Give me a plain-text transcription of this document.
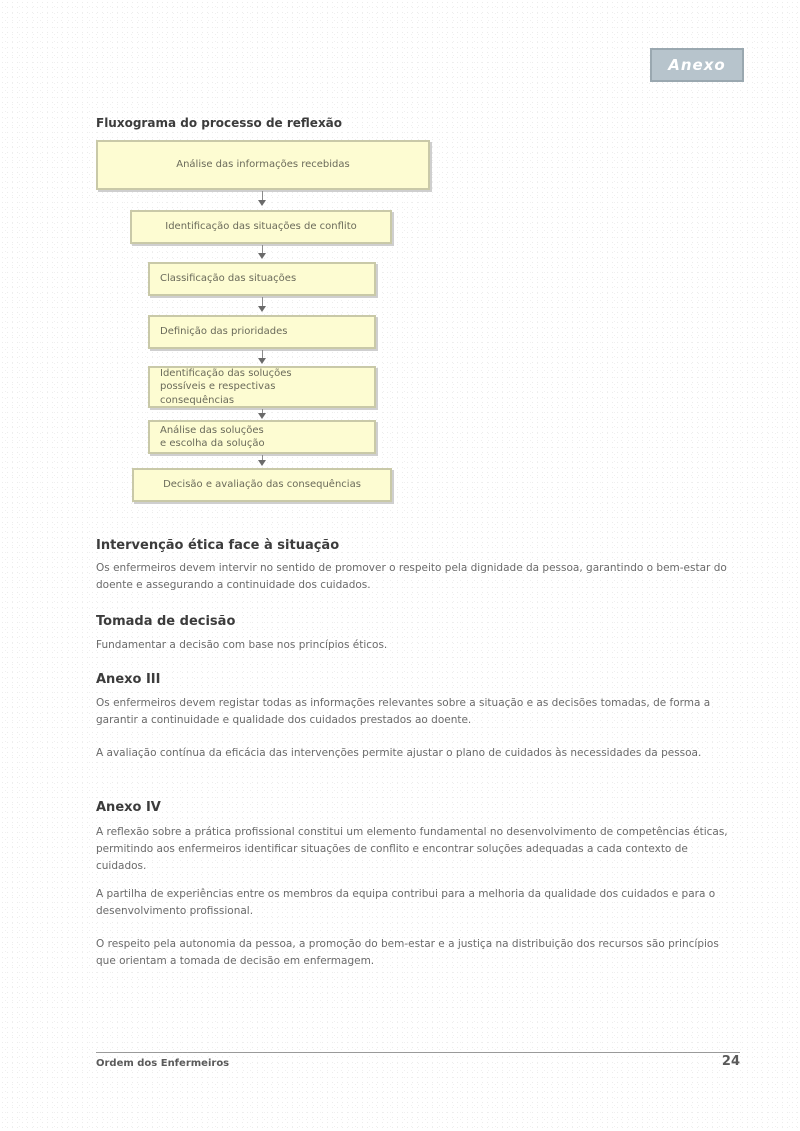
Anexo
Fluxograma do processo de reflexão
Análise das informações recebidas
Identificação das situações de conflito
Classificação das situações
Definição das prioridades
Identificação das soluções
possíveis e respectivas
consequências
Análise das soluções
e escolha da solução
Decisão e avaliação das consequências
Intervenção ética face à situação

Os enfermeiros devem intervir no sentido de promover o respeito pela dignidade da pessoa, garantindo o bem-estar do doente e assegurando a continuidade dos cuidados.

Tomada de decisão

Fundamentar a decisão com base nos princípios éticos.

Anexo III

Os enfermeiros devem registar todas as informações relevantes sobre a situação e as decisões tomadas, de forma a garantir a continuidade e qualidade dos cuidados prestados ao doente.

A avaliação contínua da eficácia das intervenções permite ajustar o plano de cuidados às necessidades da pessoa.

Anexo IV

A reflexão sobre a prática profissional constitui um elemento fundamental no desenvolvimento de competências éticas, permitindo aos enfermeiros identificar situações de conflito e encontrar soluções adequadas a cada contexto de cuidados.

A partilha de experiências entre os membros da equipa contribui para a melhoria da qualidade dos cuidados e para o desenvolvimento profissional.

O respeito pela autonomia da pessoa, a promoção do bem-estar e a justiça na distribuição dos recursos são princípios que orientam a tomada de decisão em enfermagem.

Ordem dos Enfermeiros	24
